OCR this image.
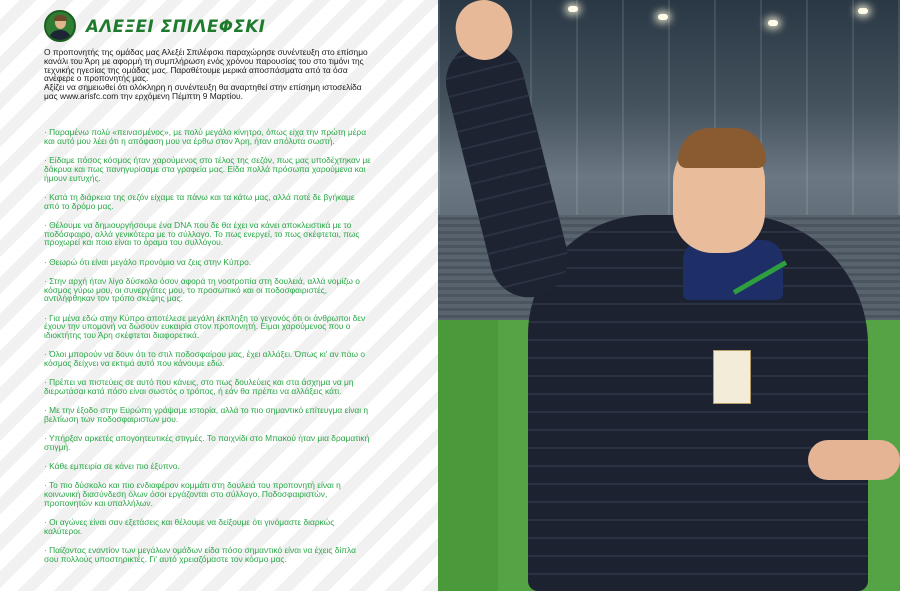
ΑΛΕΞΕΙ ΣΠΙΛΕΦΣΚΙ

Ο προπονητής της ομάδας μας Αλεξέι Σπιλέφσκι παραχώρησε συνέντευξη στο επίσημο κανάλι του Άρη με αφορμή τη συμπλήρωση ενός χρόνου παρουσίας του στο τιμόνι της τεχνικής ηγεσίας της ομάδας μας. Παραθέτουμε μερικά αποσπάσματα από τα όσα ανέφερε ο προπονητής μας.

Αξίζει να σημειωθεί ότι ολόκληρη η συνέντευξη θα αναρτηθεί στην επίσημη ιστοσελίδα μας www.arisfc.com την ερχόμενη Πέμπτη 9 Μαρτίου.

· Παραμένω πολύ «πεινασμένος», με πολύ μεγάλο κίνητρο, όπως είχα την πρώτη μέρα και αυτό μου λέει ότι η απόφαση μου να έρθω στον Άρη, ήταν απόλυτα σωστή.
· Είδαμε πόσος κόσμος ήταν χαρούμενος στο τέλος της σεζόν, πως μας υποδέχτηκαν με δάκρυα και πως πανηγυρίσαμε στα γραφεία μας. Είδα πολλά πρόσωπα χαρούμενα και ήμουν ευτυχής.
· Κατά τη διάρκεια της σεζόν είχαμε τα πάνω και τα κάτω μας, αλλά ποτέ δε βγήκαμε από το δρόμο μας.
· Θέλουμε να δημιουργήσουμε ένα DNA που δε θα έχει να κάνει αποκλειστικά με το ποδόσφαιρο, αλλά γενικότερα με το σύλλογο. Το πως ενεργεί, το πως σκέφτεται, πως προχωρεί και ποιο είναι το όραμα του συλλόγου.
· Θεωρώ ότι είναι μεγάλο προνόμιο να ζεις στην Κύπρο.
· Στην αρχή ήταν λίγο δύσκολο όσον αφορά τη νοοτροπία στη δουλειά, αλλά νομίζω ο κόσμος γύρω μου, οι συνεργάτες μου, το προσωπικό και οι ποδοσφαιριστές, αντιλήφθηκαν τον τρόπο σκέψης μας.
· Για μένα εδώ στην Κύπρο αποτέλεσε μεγάλη έκπληξη το γεγονός ότι οι άνθρωποι δεν έχουν την υπομονή να δώσουν ευκαιρία στον προπονητή. Είμαι χαρούμενος που ο ιδιοκτήτης του Άρη σκέφτεται διαφορετικά.
· Όλοι μπορούν να δουν ότι το στιλ ποδοσφαίρου μας, έχει αλλάξει. Όπως κι' αν πάω ο κόσμος δείχνει να εκτιμά αυτό που κάνουμε εδώ.
· Πρέπει να πιστεύεις σε αυτό που κάνεις, στο πως δουλεύεις και στα άσχημα να μη διερωτάσαι κατά πόσο είναι σωστός ο τρόπος, ή εάν θα πρέπει να αλλάξεις κάτι.
· Με την έξοδο στην Ευρώπη γράψαμε ιστορία, αλλά το πιο σημαντικό επίτευγμα είναι η βελτίωση των ποδοσφαιριστών μου.
· Υπήρξαν αρκετές απογοητευτικές στιγμές. Το παιχνίδι στο Μπακού ήταν μια δραματική στιγμή.
· Κάθε εμπειρία σε κάνει πιο έξυπνο.
· Το πιο δύσκολο και πιο ενδιαφέρον κομμάτι στη δουλειά του προπονητή είναι η κοινωνική διασύνδεση όλων όσοι εργάζονται στο σύλλογο. Ποδοσφαιριστών, προπονητών και υπαλλήλων.
· Οι αγώνες είναι σαν εξετάσεις και θέλουμε να δείξουμε ότι γινόμαστε διαρκώς καλύτεροι.
· Παίζοντας εναντίον των μεγάλων ομάδων είδα πόσο σημαντικό είναι να έχεις δίπλα σου πολλούς υποστηρικτές. Γι' αυτό χρειαζόμαστε τον κόσμο μας.
